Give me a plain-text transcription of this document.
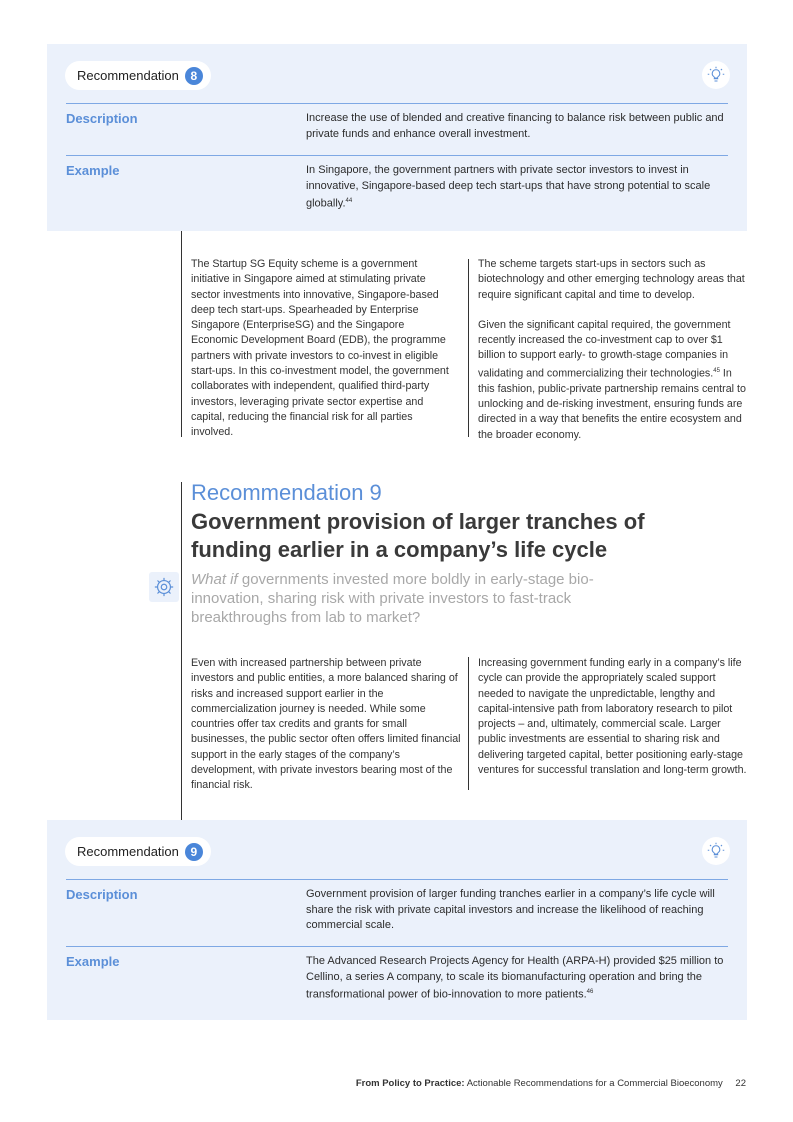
Recommendation 8
Description	Increase the use of blended and creative financing to balance risk between public and private funds and enhance overall investment.
Example	In Singapore, the government partners with private sector investors to invest in innovative, Singapore-based deep tech start-ups that have strong potential to scale globally.$^{44}$

The Startup SG Equity scheme is a government initiative in Singapore aimed at stimulating private sector investments into innovative, Singapore-based deep tech start-ups. Spearheaded by Enterprise Singapore (EnterpriseSG) and the Singapore Economic Development Board (EDB), the programme partners with private investors to co-invest in eligible start-ups. In this co-investment model, the government collaborates with independent, qualified third-party investors, leveraging private sector expertise and capital, reducing the financial risk for all parties involved.

The scheme targets start-ups in sectors such as biotechnology and other emerging technology areas that require significant capital and time to develop.

Given the significant capital required, the government recently increased the co-investment cap to over $1 billion to support early- to growth-stage companies in validating and commercializing their technologies.$^{45}$ In this fashion, public-private partnership remains central to unlocking and de-risking investment, ensuring funds are directed in a way that benefits the entire ecosystem and the broader economy.

Recommendation 9
Government provision of larger tranches of funding earlier in a company’s life cycle
What if governments invested more boldly in early-stage bio-innovation, sharing risk with private investors to fast-track breakthroughs from lab to market?

Even with increased partnership between private investors and public entities, a more balanced sharing of risks and increased support earlier in the commercialization journey is needed. While some countries offer tax credits and grants for small businesses, the public sector often offers limited financial support in the early stages of the company’s development, with private investors bearing most of the financial risk.

Increasing government funding early in a company’s life cycle can provide the appropriately scaled support needed to navigate the unpredictable, lengthy and capital-intensive path from laboratory research to pilot projects – and, ultimately, commercial scale. Larger public investments are essential to sharing risk and delivering targeted capital, better positioning early-stage ventures for successful translation and long-term growth.

Recommendation 9
Description	Government provision of larger funding tranches earlier in a company’s life cycle will share the risk with private capital investors and increase the likelihood of reaching commercial scale.
Example	The Advanced Research Projects Agency for Health (ARPA-H) provided $25 million to Cellino, a series A company, to scale its biomanufacturing operation and bring the transformational power of bio-innovation to more patients.$^{46}$
From Policy to Practice: Actionable Recommendations for a Commercial Bioeconomy 22
